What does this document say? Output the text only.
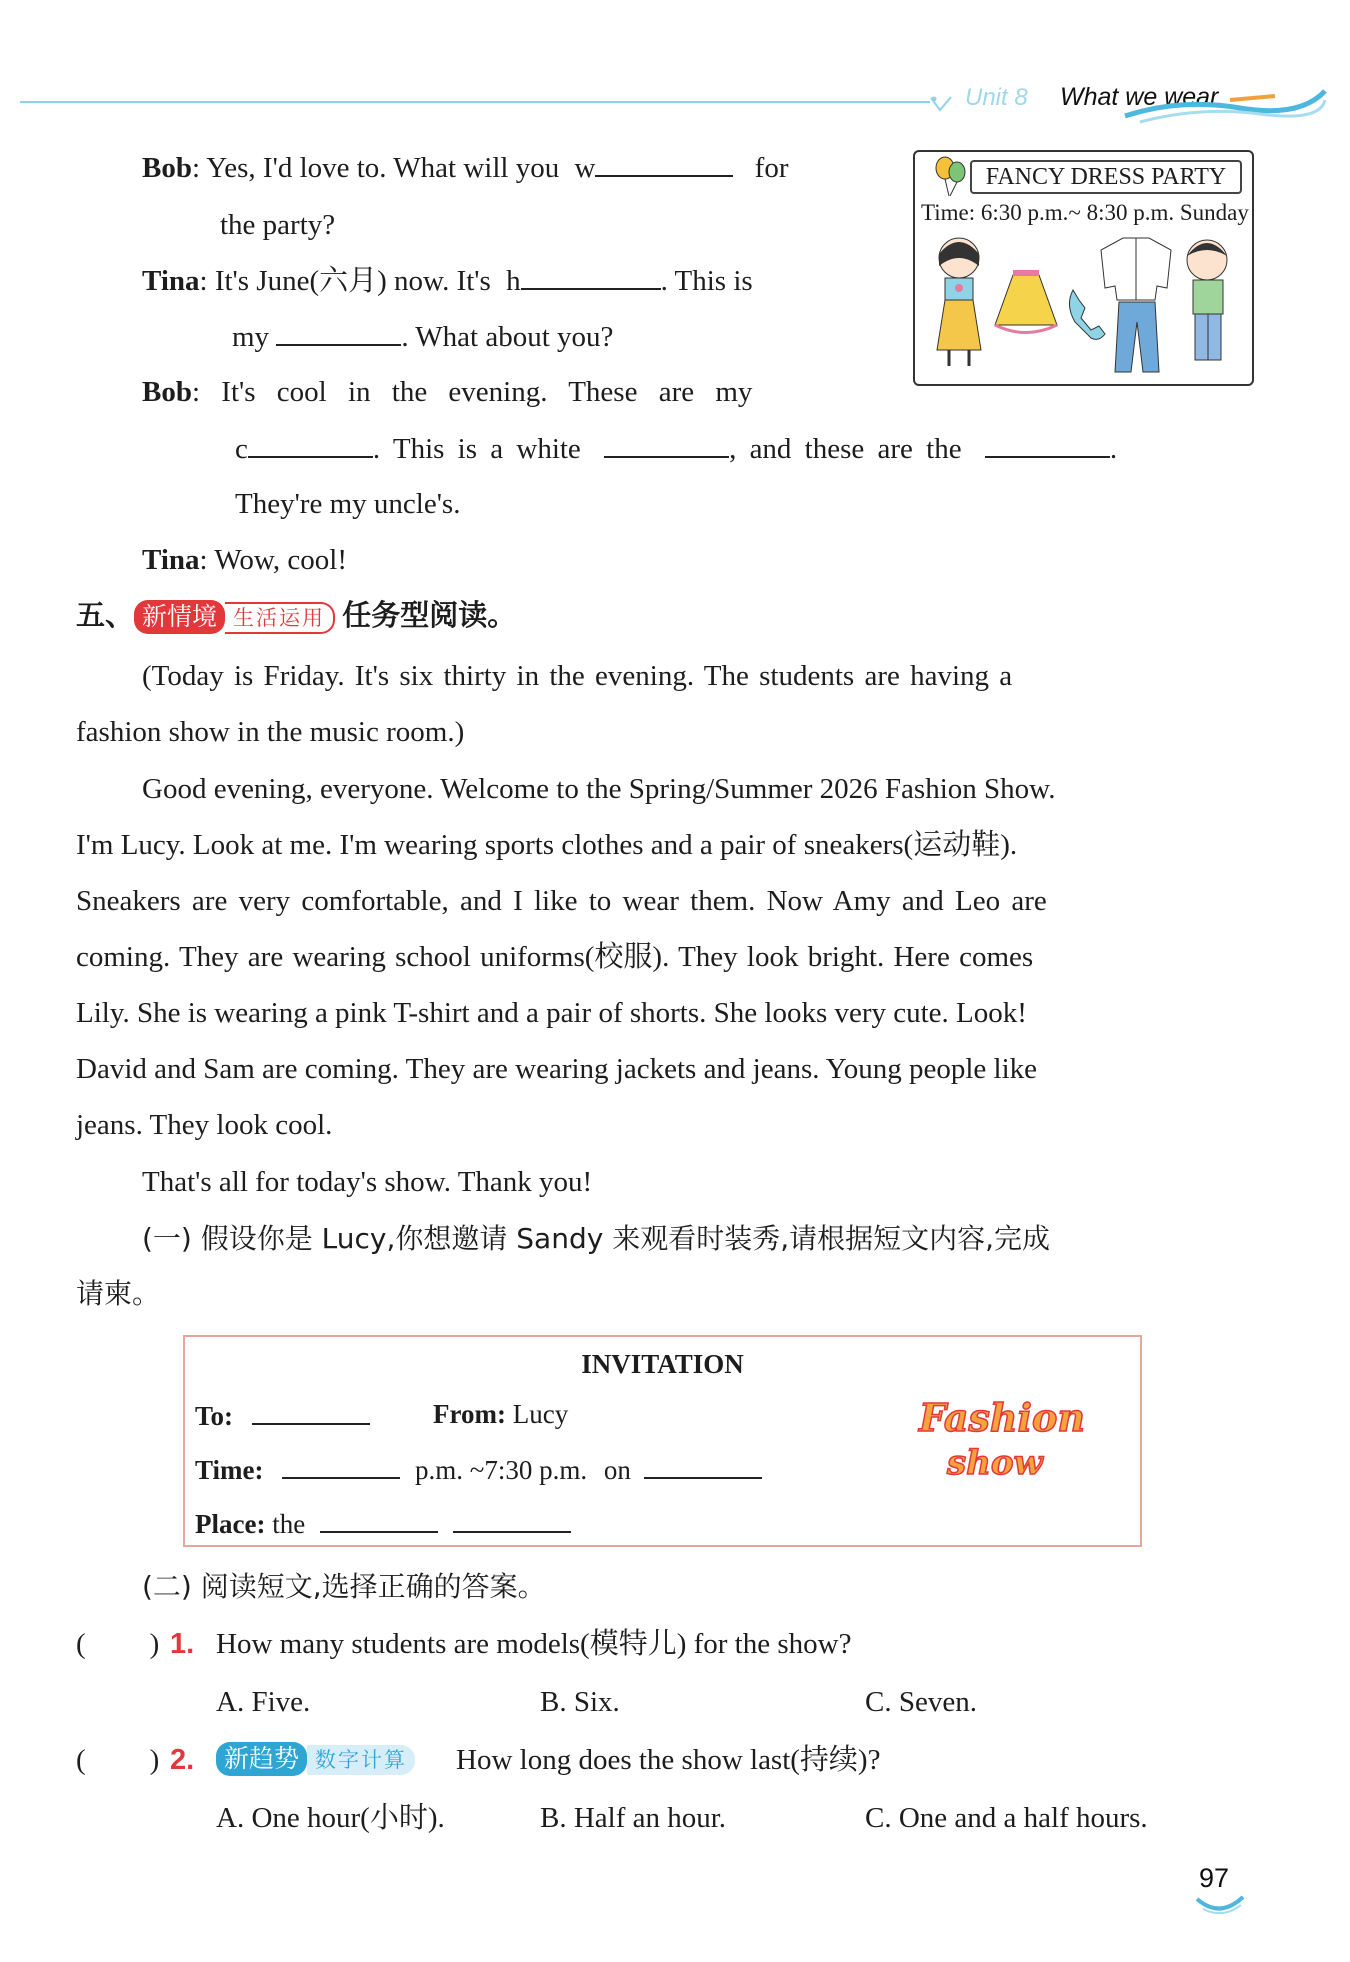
Unit 8 What we wear
Bob: Yes, I'd love to. What will you w	for
the party?
Tina: It's June(六月) now. It's h	. This is
my	. What about you?
Bob: It's cool in the evening. These are my
c	. This is a white	, and these are the	.
They're my uncle's.
Tina: Wow, cool!
FANCY DRESS PARTY
Time: 6:30 p.m.~ 8:30 p.m. Sunday
五、 新情境 生活运用 任务型阅读。
(Today is Friday. It's six thirty in the evening. The students are having a
fashion show in the music room.)
Good evening, everyone. Welcome to the Spring/Summer 2026 Fashion Show.
I'm Lucy. Look at me. I'm wearing sports clothes and a pair of sneakers(运动鞋).
Sneakers are very comfortable, and I like to wear them. Now Amy and Leo are
coming. They are wearing school uniforms(校服). They look bright. Here comes
Lily. She is wearing a pink T-shirt and a pair of shorts. She looks very cute. Look!
David and Sam are coming. They are wearing jackets and jeans. Young people like
jeans. They look cool.
That's all for today's show. Thank you!
(一) 假设你是 Lucy,你想邀请 Sandy 来观看时装秀,请根据短文内容,完成
请柬。
INVITATION
To:	From: Lucy
Time:	p.m. ~7:30 p.m. on
Place: the
Fashion
show
(二) 阅读短文,选择正确的答案。
( ) 1. How many students are models(模特儿) for the show?
A. Five.	B. Six.	C. Seven.
( ) 2.	新趋势 数字计算 How long does the show last(持续)?
A. One hour(小时).	B. Half an hour.	C. One and a half hours.
97
